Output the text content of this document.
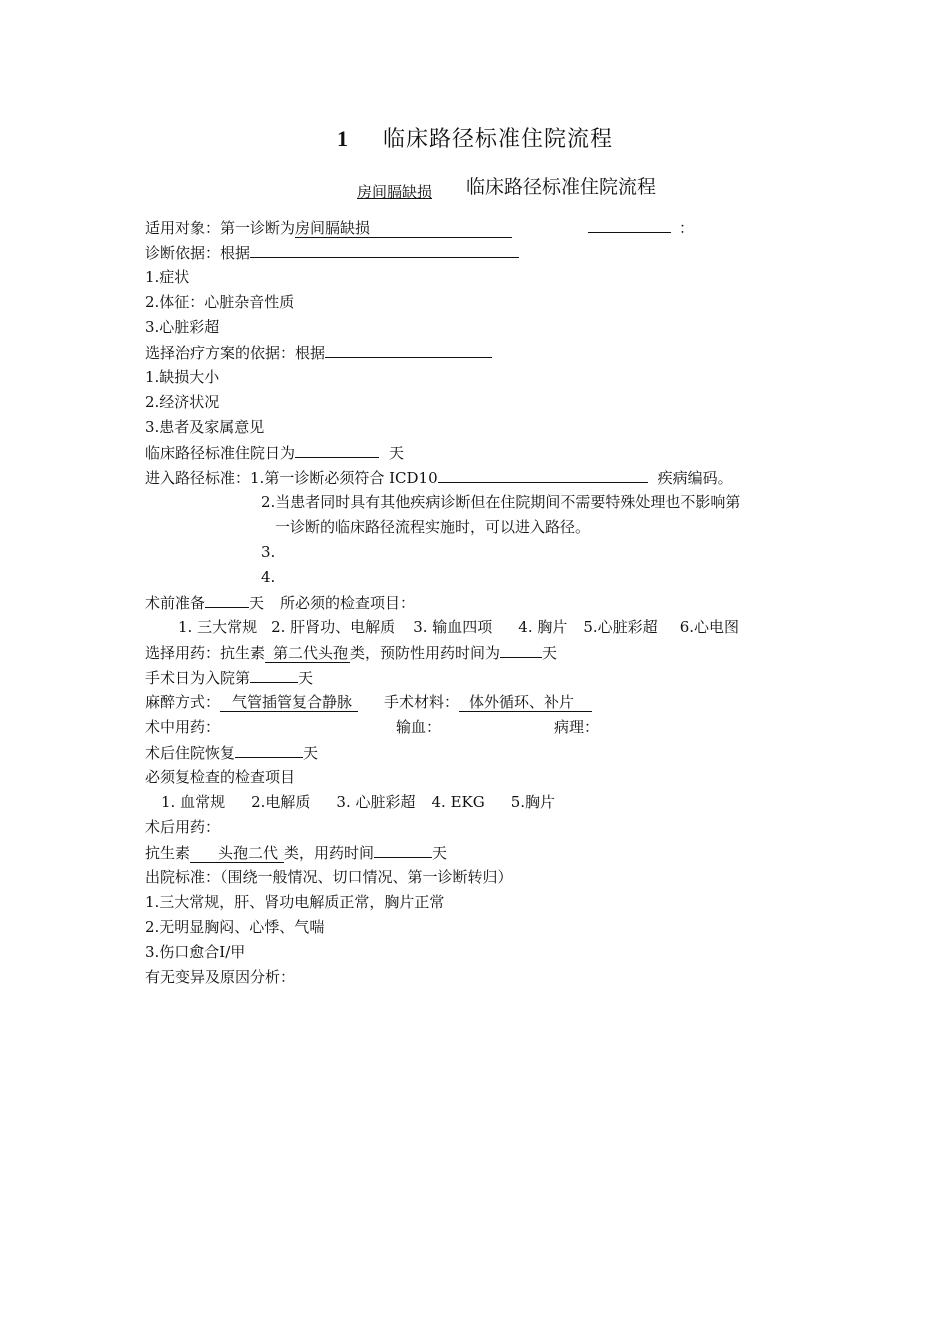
1 临床路径标准住院流程
$_{房间膈缺损}$ 临床路径标准住院流程
适用对象：第一诊断为房间膈缺损	：
诊断依据：根据
1.症状
2.体征：心脏杂音性质
3.心脏彩超
选择治疗方案的依据：根据
1.缺损大小
2.经济状况
3.患者及家属意见
临床路径标准住院日为	天
进入路径标准：1.第一诊断必须符合 ICD10	疾病编码。
2.当患者同时具有其他疾病诊断但在住院期间不需要特殊处理也不影响第
一诊断的临床路径流程实施时，可以进入路径。
3.
4.
术前准备	天 所必须的检查项目：
1. 三大常规 2. 肝肾功、电解质 3. 输血四项 4. 胸片 5.心脏彩超 6.心电图
选择用药：抗生素 第二代头孢 类，预防性用药时间为	天
手术日为入院第	天
麻醉方式： 气管插管复合静脉 手术材料： 体外循环、补片
术中用药：	输血：	病理：
术后住院恢复	天
必须复检查的检查项目
1. 血常规 2.电解质 3. 心脏彩超 4. EKG 5.胸片
术后用药：
抗生素 头孢二代 类，用药时间	天
出院标准：（围绕一般情况、切口情况、第一诊断转归）
1.三大常规，肝、肾功电解质正常，胸片正常
2.无明显胸闷、心悸、气喘
3.伤口愈合Ⅰ/甲
有无变异及原因分析：
